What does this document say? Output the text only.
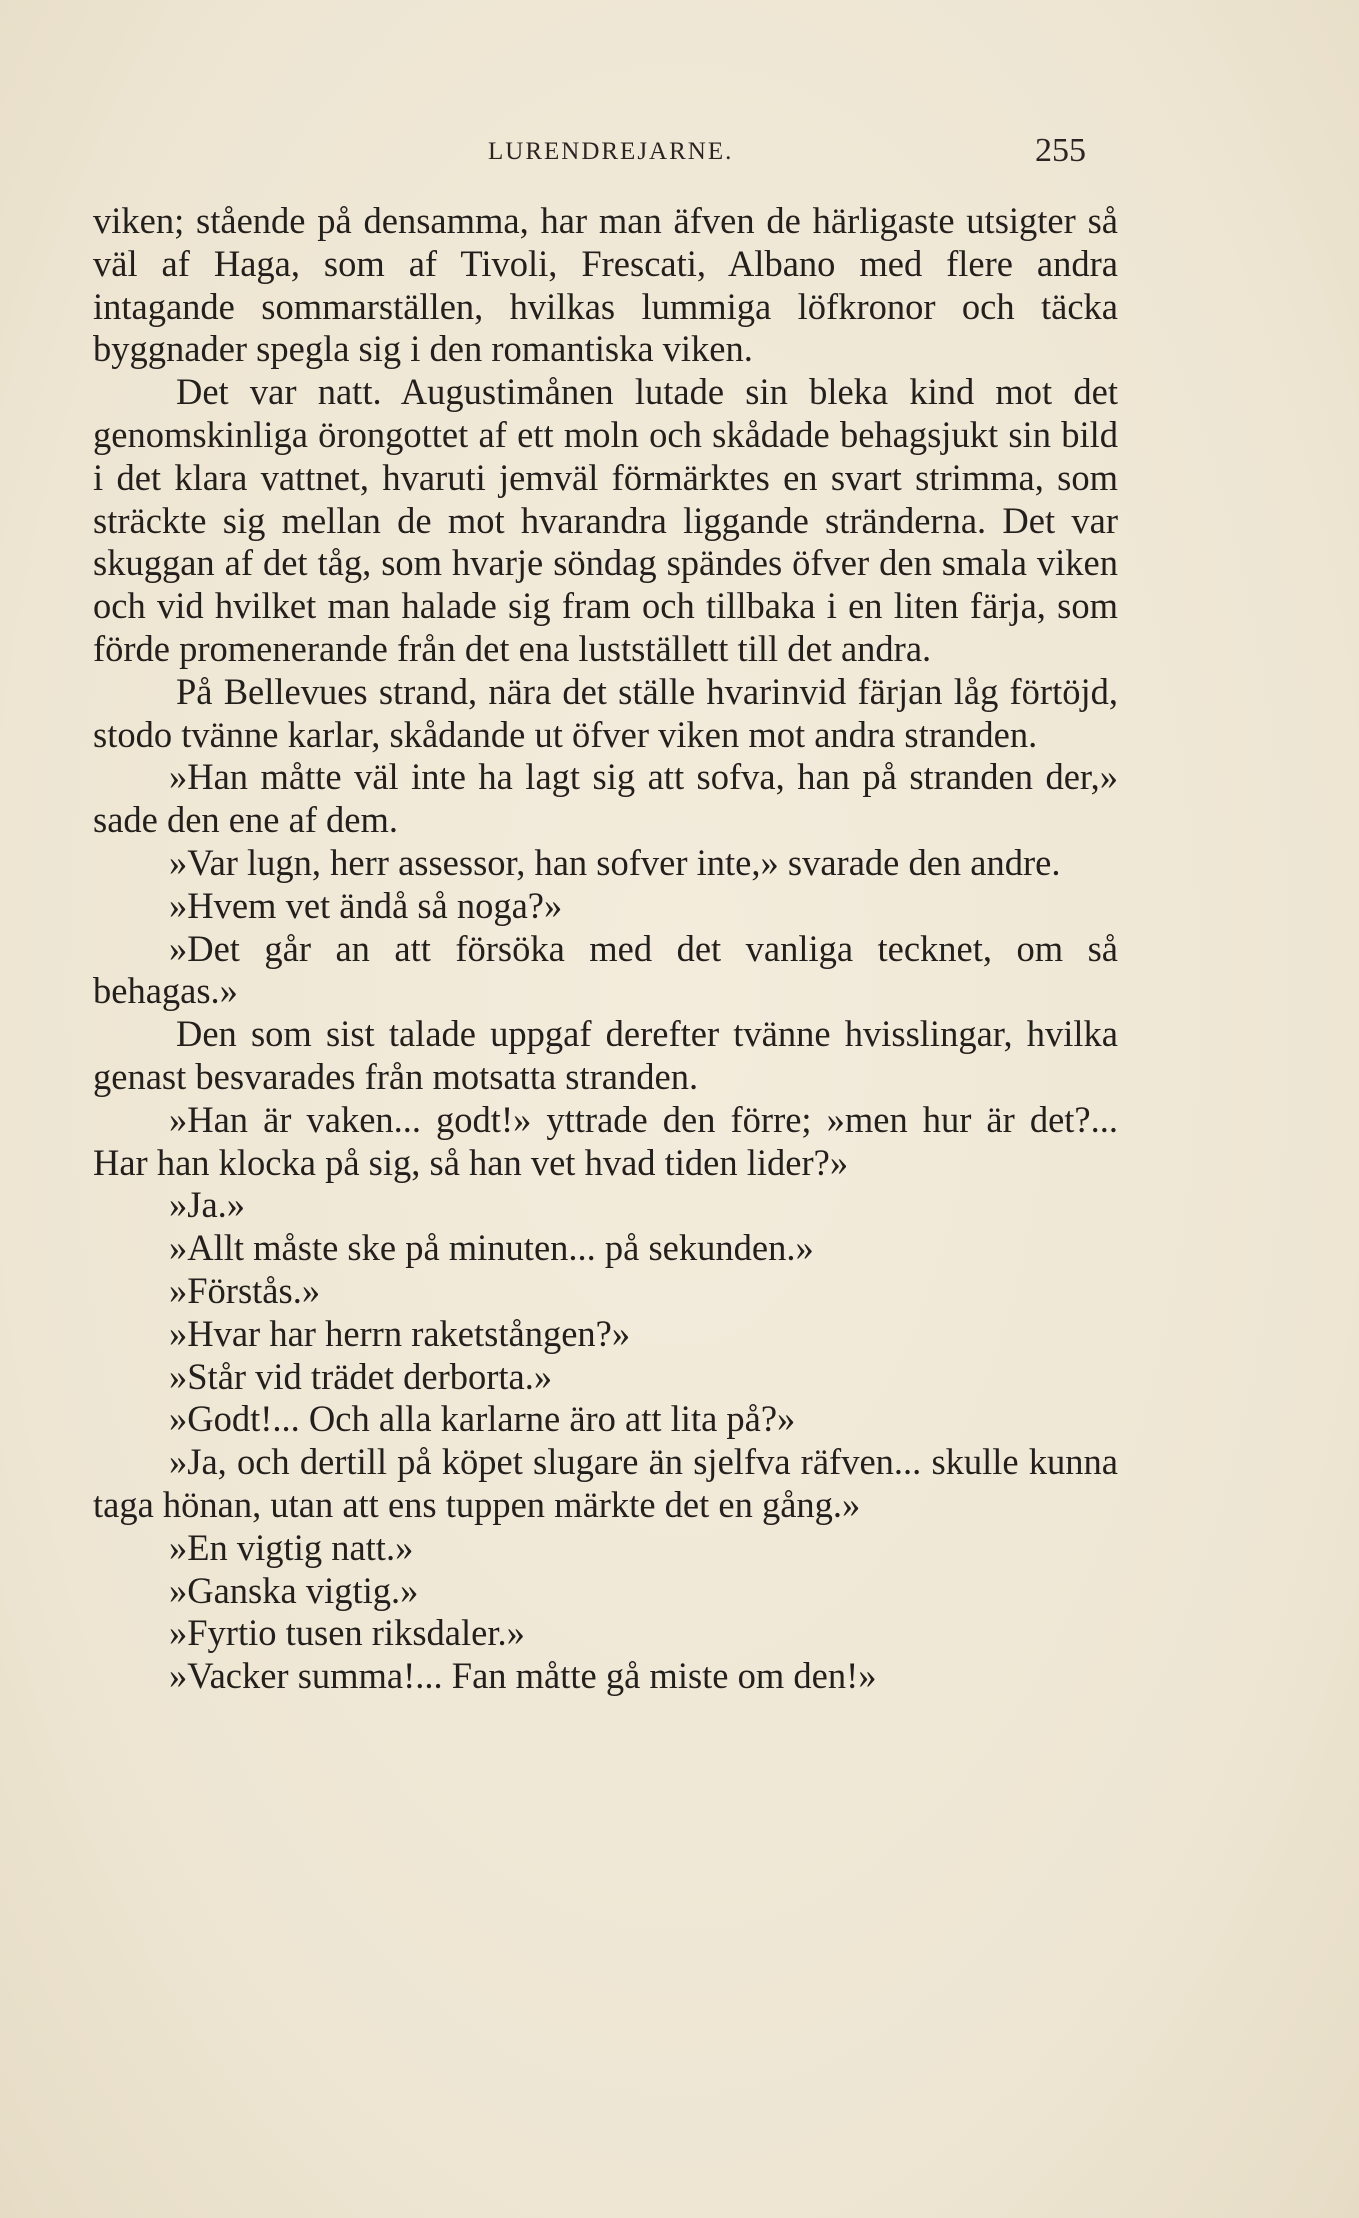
LURENDREJARNE.	255

viken; stående på densamma, har man äfven de härligaste utsigter så väl af Haga, som af Tivoli, Frescati, Albano med flere andra intagande sommarställen, hvilkas lummiga löfkronor och täcka byggnader spegla sig i den romantiska viken.

Det var natt. Augustimånen lutade sin bleka kind mot det genomskinliga örongottet af ett moln och skådade behagsjukt sin bild i det klara vattnet, hvaruti jemväl förmärktes en svart strimma, som sträckte sig mellan de mot hvarandra liggande stränderna. Det var skuggan af det tåg, som hvarje söndag spändes öfver den smala viken och vid hvilket man halade sig fram och tillbaka i en liten färja, som förde promenerande från det ena lustställett till det andra.

På Bellevues strand, nära det ställe hvarinvid färjan låg förtöjd, stodo tvänne karlar, skådande ut öfver viken mot andra stranden.

»Han måtte väl inte ha lagt sig att sofva, han på stranden der,» sade den ene af dem.

»Var lugn, herr assessor, han sofver inte,» svarade den andre.

»Hvem vet ändå så noga?»

»Det går an att försöka med det vanliga tecknet, om så behagas.»

Den som sist talade uppgaf derefter tvänne hvisslingar, hvilka genast besvarades från motsatta stranden.

»Han är vaken... godt!» yttrade den förre; »men hur är det?... Har han klocka på sig, så han vet hvad tiden lider?»

»Ja.»

»Allt måste ske på minuten... på sekunden.»

»Förstås.»

»Hvar har herrn raketstången?»

»Står vid trädet derborta.»

»Godt!... Och alla karlarne äro att lita på?»

»Ja, och dertill på köpet slugare än sjelfva räfven... skulle kunna taga hönan, utan att ens tuppen märkte det en gång.»

»En vigtig natt.»

»Ganska vigtig.»

»Fyrtio tusen riksdaler.»

»Vacker summa!... Fan måtte gå miste om den!»
